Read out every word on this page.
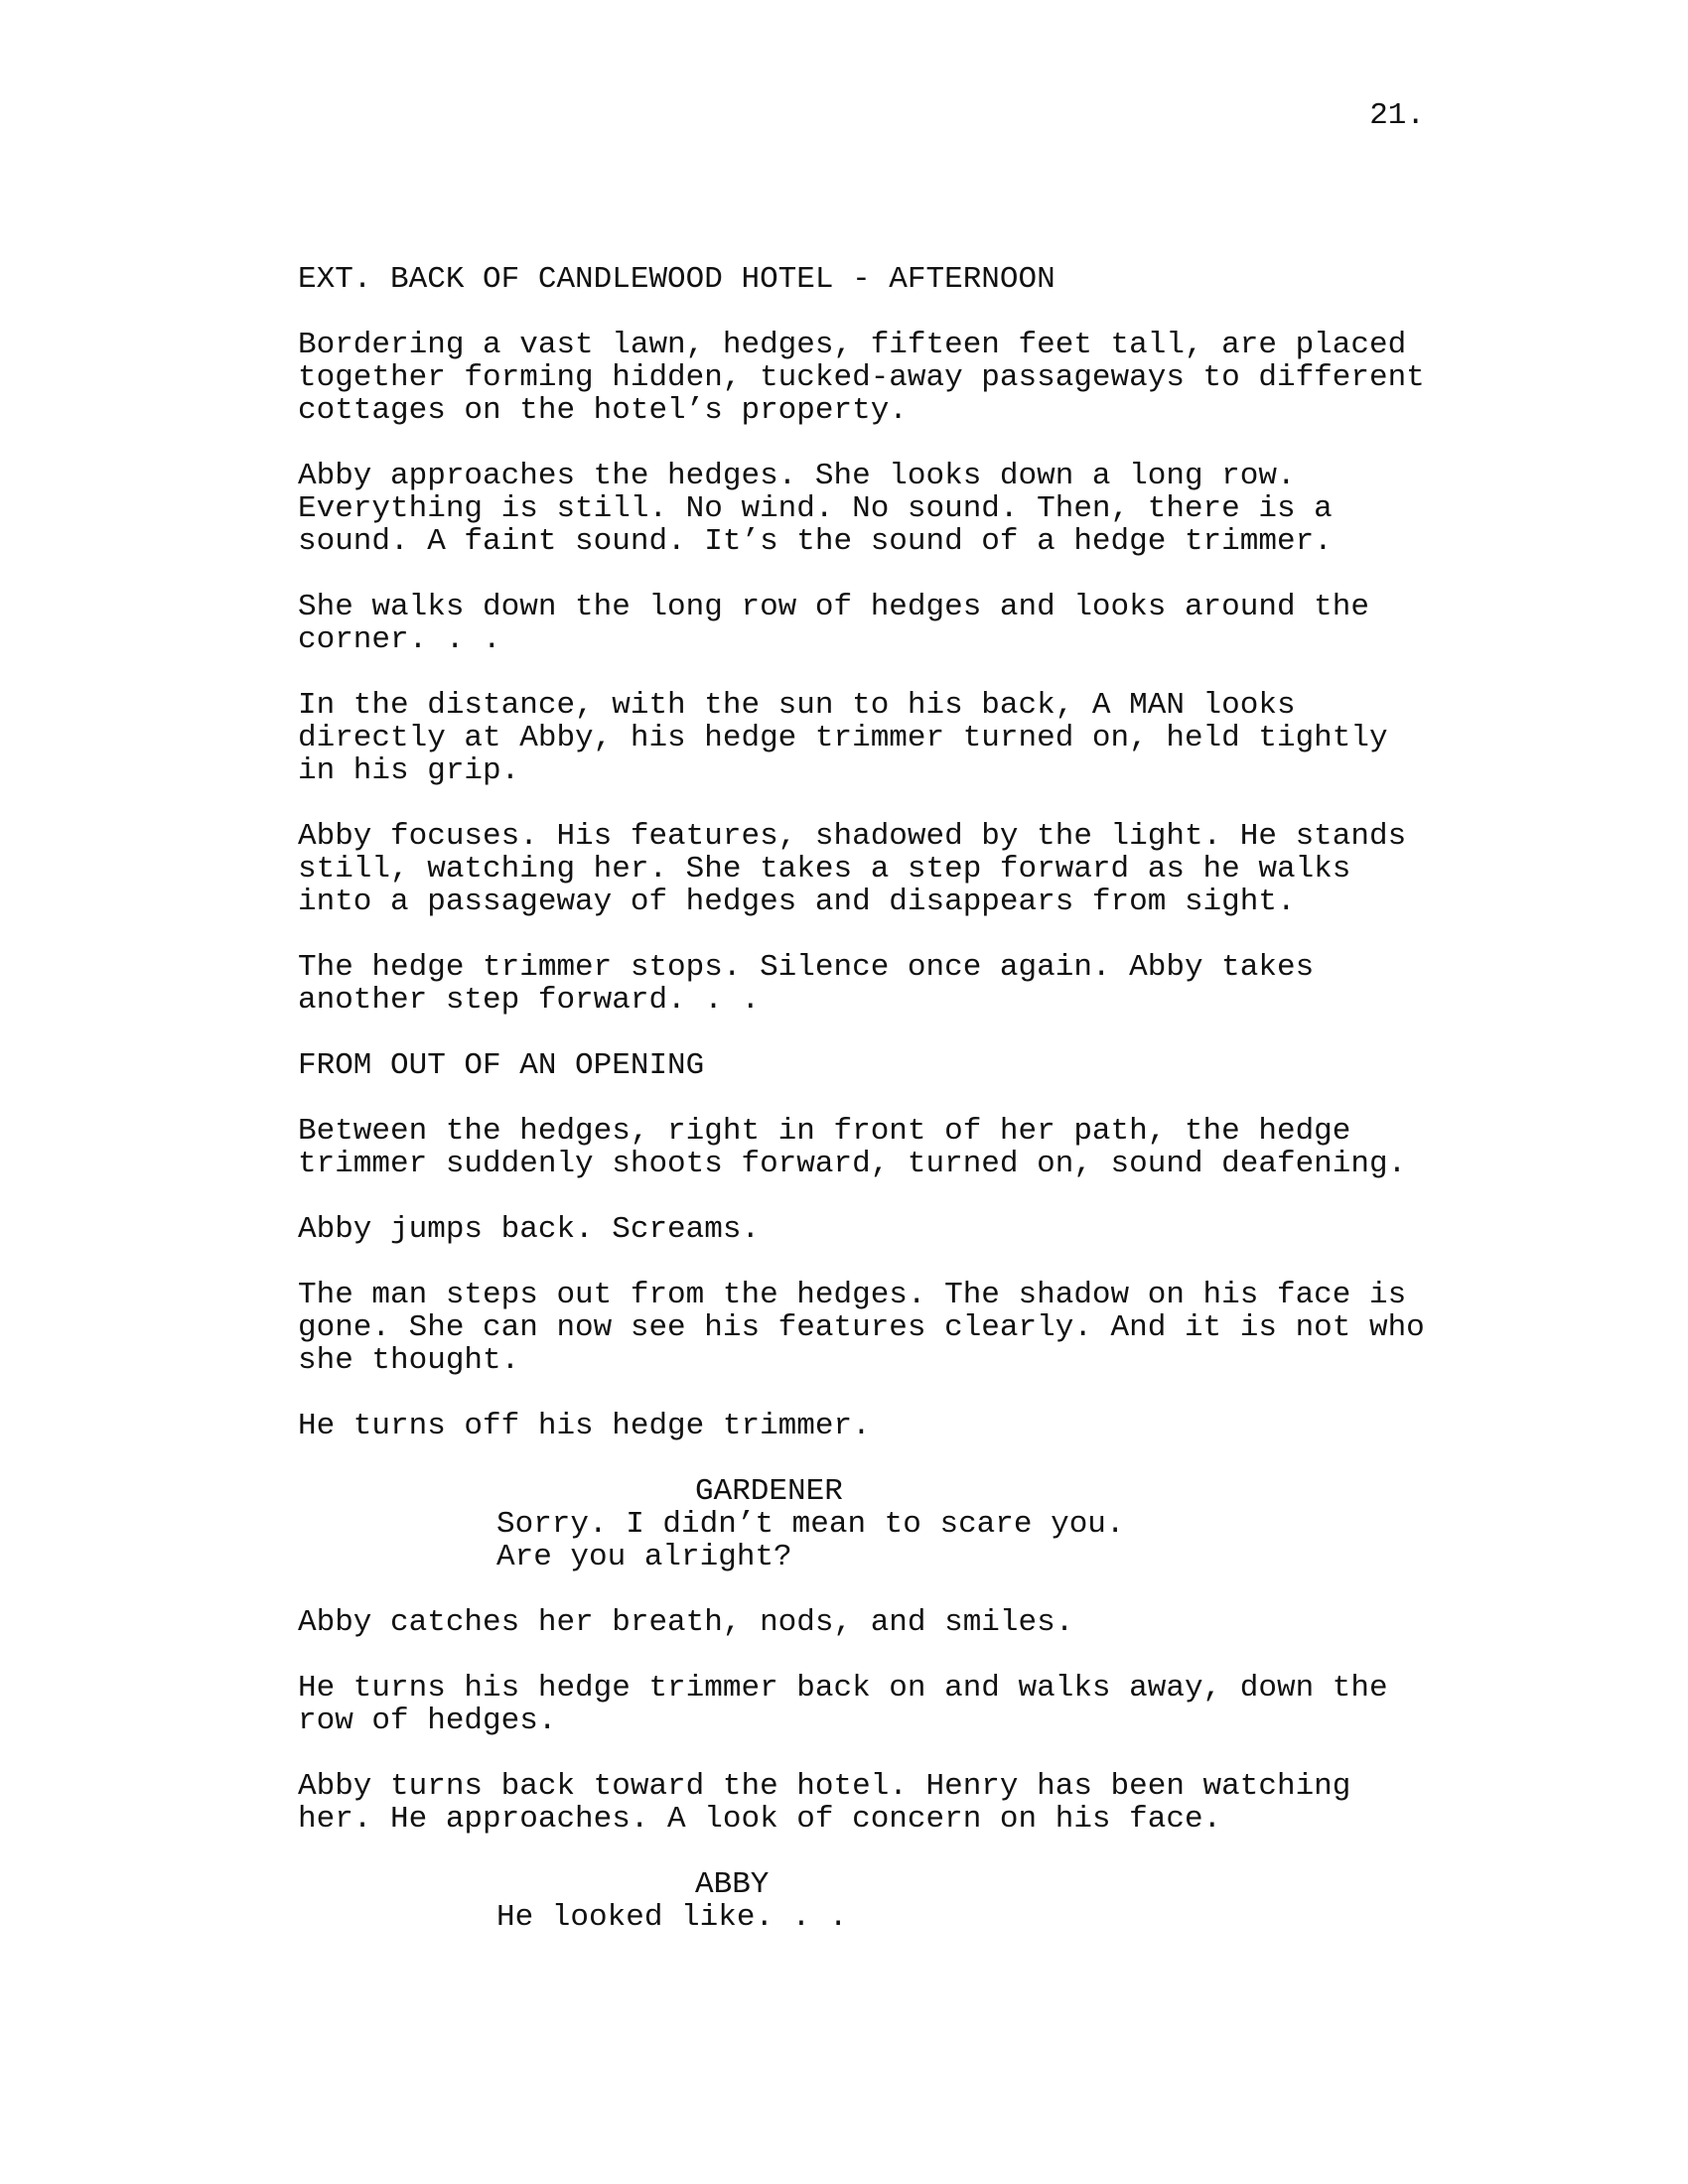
21.
EXT. BACK OF CANDLEWOOD HOTEL - AFTERNOON
Bordering a vast lawn, hedges, fifteen feet tall, are placed
together forming hidden, tucked-away passageways to different
cottages on the hotel’s property.
Abby approaches the hedges. She looks down a long row.
Everything is still. No wind. No sound. Then, there is a
sound. A faint sound. It’s the sound of a hedge trimmer.
She walks down the long row of hedges and looks around the
corner. . .
In the distance, with the sun to his back, A MAN looks
directly at Abby, his hedge trimmer turned on, held tightly
in his grip.
Abby focuses. His features, shadowed by the light. He stands
still, watching her. She takes a step forward as he walks
into a passageway of hedges and disappears from sight.
The hedge trimmer stops. Silence once again. Abby takes
another step forward. . .
FROM OUT OF AN OPENING
Between the hedges, right in front of her path, the hedge
trimmer suddenly shoots forward, turned on, sound deafening.
Abby jumps back. Screams.
The man steps out from the hedges. The shadow on his face is
gone. She can now see his features clearly. And it is not who
she thought.
He turns off his hedge trimmer.
GARDENER
Sorry. I didn’t mean to scare you.
Are you alright?
Abby catches her breath, nods, and smiles.
He turns his hedge trimmer back on and walks away, down the
row of hedges.
Abby turns back toward the hotel. Henry has been watching
her. He approaches. A look of concern on his face.
ABBY
He looked like. . .
